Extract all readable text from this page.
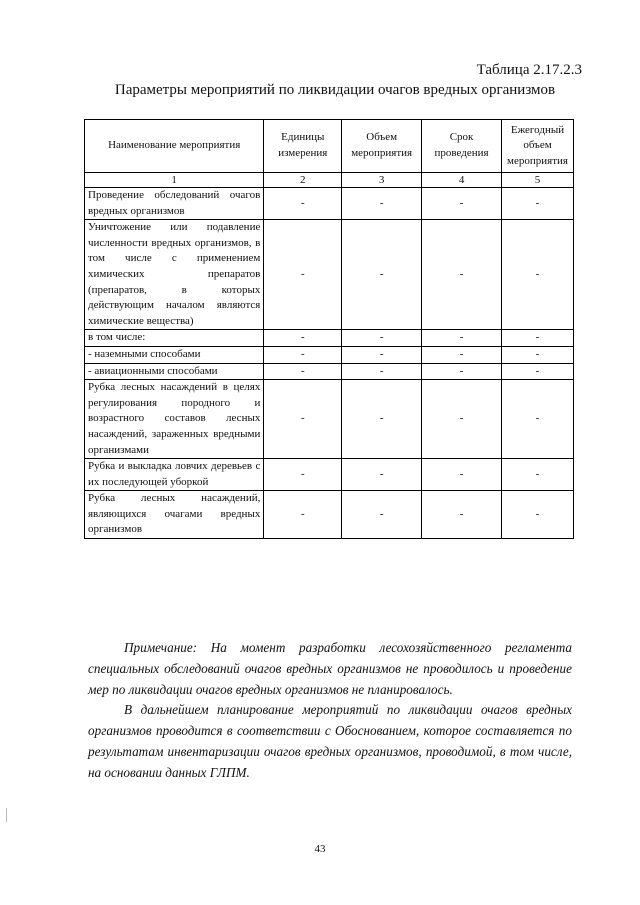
Таблица 2.17.2.3
Параметры мероприятий по ликвидации очагов вредных организмов
Наименование мероприятия	Единицы измерения	Объем мероприятия	Срок проведения	Ежегодный объем мероприятия
1	2	3	4	5
Проведение обследований очагов вредных организмов	-	-	-	-
Уничтожение или подавление численности вредных организмов, в том числе с применением химических препаратов (препаратов, в которых действующим началом являются химические вещества)	-	-	-	-
в том числе:	-	-	-	-
- наземными способами	-	-	-	-
- авиационными способами	-	-	-	-
Рубка лесных насаждений в целях регулирования породного и возрастного составов лесных насаждений, зараженных вредными организмами	-	-	-	-
Рубка и выкладка ловчих деревьев с их последующей уборкой	-	-	-	-
Рубка лесных насаждений, являющихся очагами вредных организмов	-	-	-	-
Примечание: На момент разработки лесохозяйственного регламента специальных обследований очагов вредных организмов не проводилось и проведение мер по ликвидации очагов вредных организмов не планировалось.
В дальнейшем планирование мероприятий по ликвидации очагов вредных организмов проводится в соответствии с Обоснованием, которое составляется по результатам инвентаризации очагов вредных организмов, проводимой, в том числе, на основании данных ГЛПМ.
43
